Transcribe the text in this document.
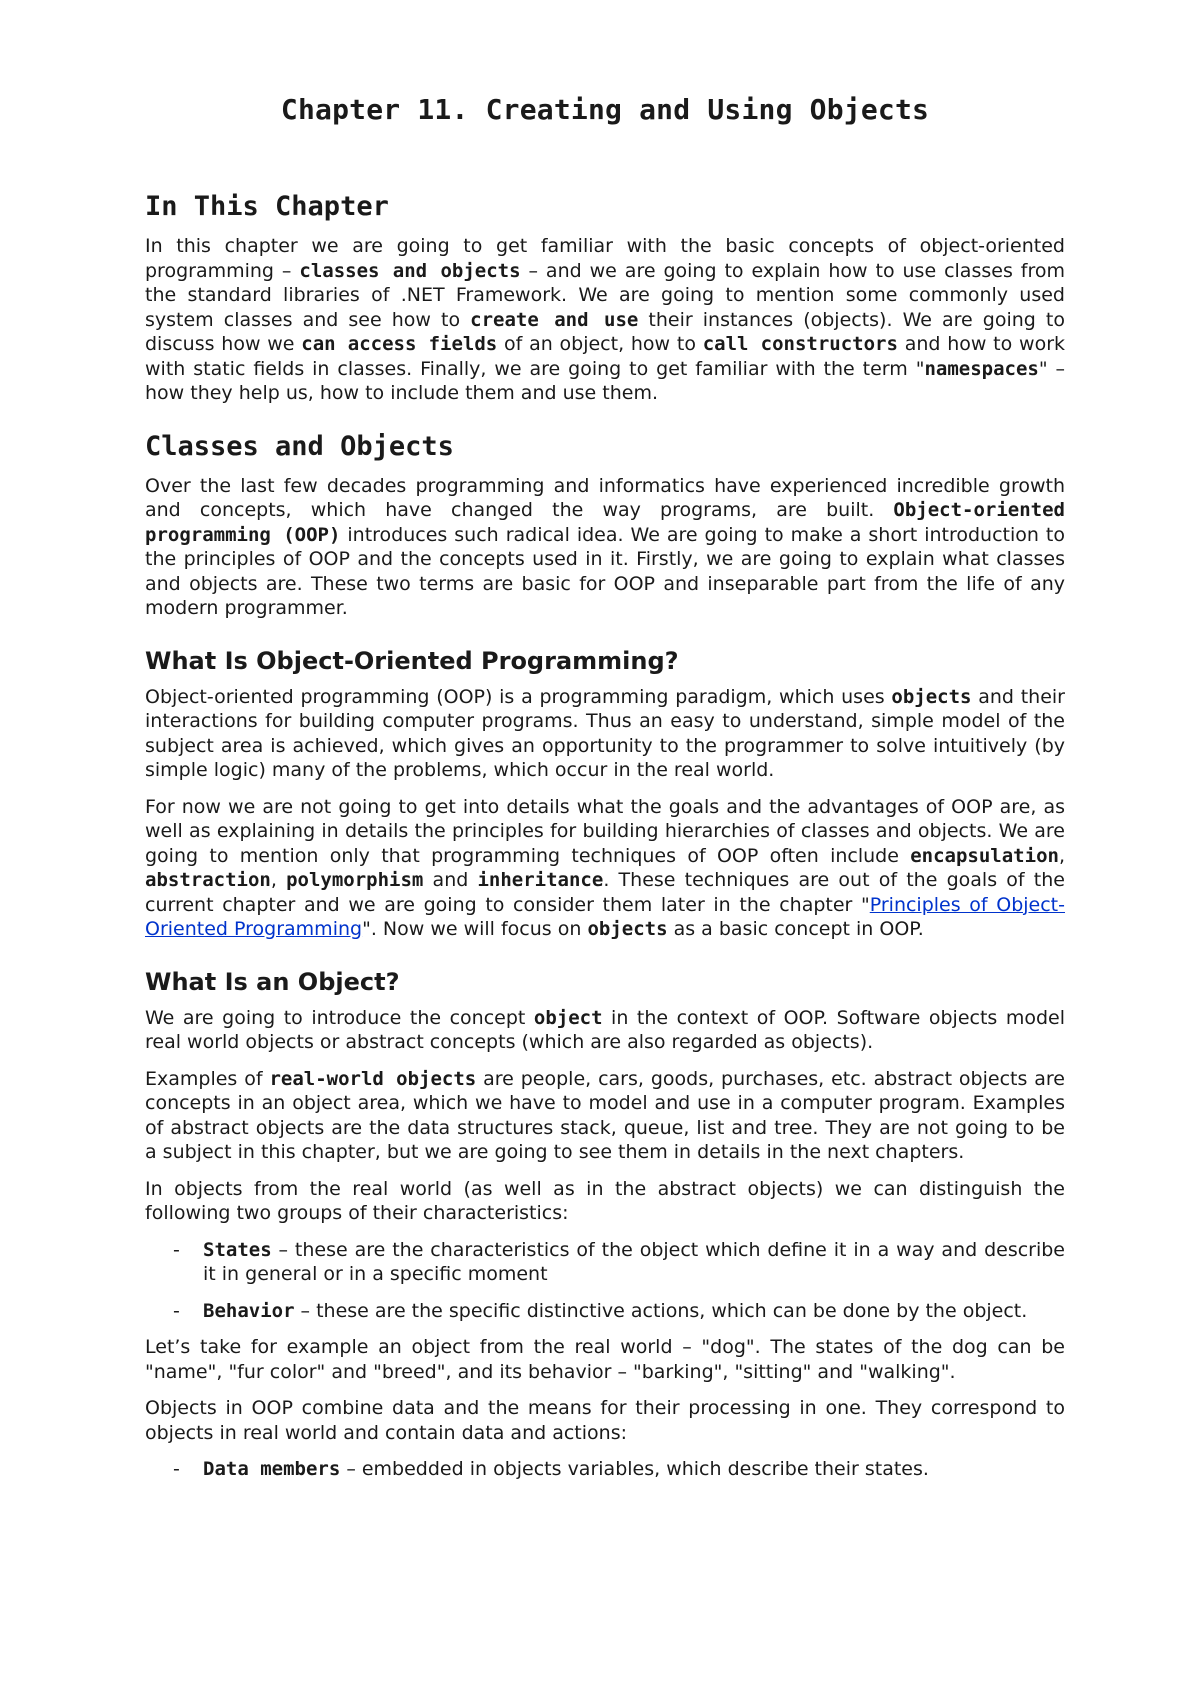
Chapter 11. Creating and Using Objects
In This Chapter

In this chapter we are going to get familiar with the basic concepts of object-oriented programming – classes and objects – and we are going to explain how to use classes from the standard libraries of .NET Framework. We are going to mention some commonly used system classes and see how to create and use their instances (objects). We are going to discuss how we can access fields of an object, how to call constructors and how to work with static fields in classes. Finally, we are going to get familiar with the term "namespaces" – how they help us, how to include them and use them.

Classes and Objects

Over the last few decades programming and informatics have experienced incredible growth and concepts, which have changed the way programs, are built. Object-oriented programming (OOP) introduces such radical idea. We are going to make a short introduction to the principles of OOP and the concepts used in it. Firstly, we are going to explain what classes and objects are. These two terms are basic for OOP and inseparable part from the life of any modern programmer.

What Is Object-Oriented Programming?

Object-oriented programming (OOP) is a programming paradigm, which uses objects and their interactions for building computer programs. Thus an easy to understand, simple model of the subject area is achieved, which gives an opportunity to the programmer to solve intuitively (by simple logic) many of the problems, which occur in the real world.

For now we are not going to get into details what the goals and the advantages of OOP are, as well as explaining in details the principles for building hierarchies of classes and objects. We are going to mention only that programming techniques of OOP often include encapsulation, abstraction, polymorphism and inheritance. These techniques are out of the goals of the current chapter and we are going to consider them later in the chapter "Principles of Object-Oriented Programming". Now we will focus on objects as a basic concept in OOP.

What Is an Object?

We are going to introduce the concept object in the context of OOP. Software objects model real world objects or abstract concepts (which are also regarded as objects).

Examples of real-world objects are people, cars, goods, purchases, etc. abstract objects are concepts in an object area, which we have to model and use in a computer program. Examples of abstract objects are the data structures stack, queue, list and tree. They are not going to be a subject in this chapter, but we are going to see them in details in the next chapters.

In objects from the real world (as well as in the abstract objects) we can distinguish the following two groups of their characteristics:

- States – these are the characteristics of the object which define it in a way and describe it in general or in a specific moment
- Behavior – these are the specific distinctive actions, which can be done by the object.

Let’s take for example an object from the real world – "dog". The states of the dog can be "name", "fur color" and "breed", and its behavior – "barking", "sitting" and "walking".

Objects in OOP combine data and the means for their processing in one. They correspond to objects in real world and contain data and actions:

- Data members – embedded in objects variables, which describe their states.
